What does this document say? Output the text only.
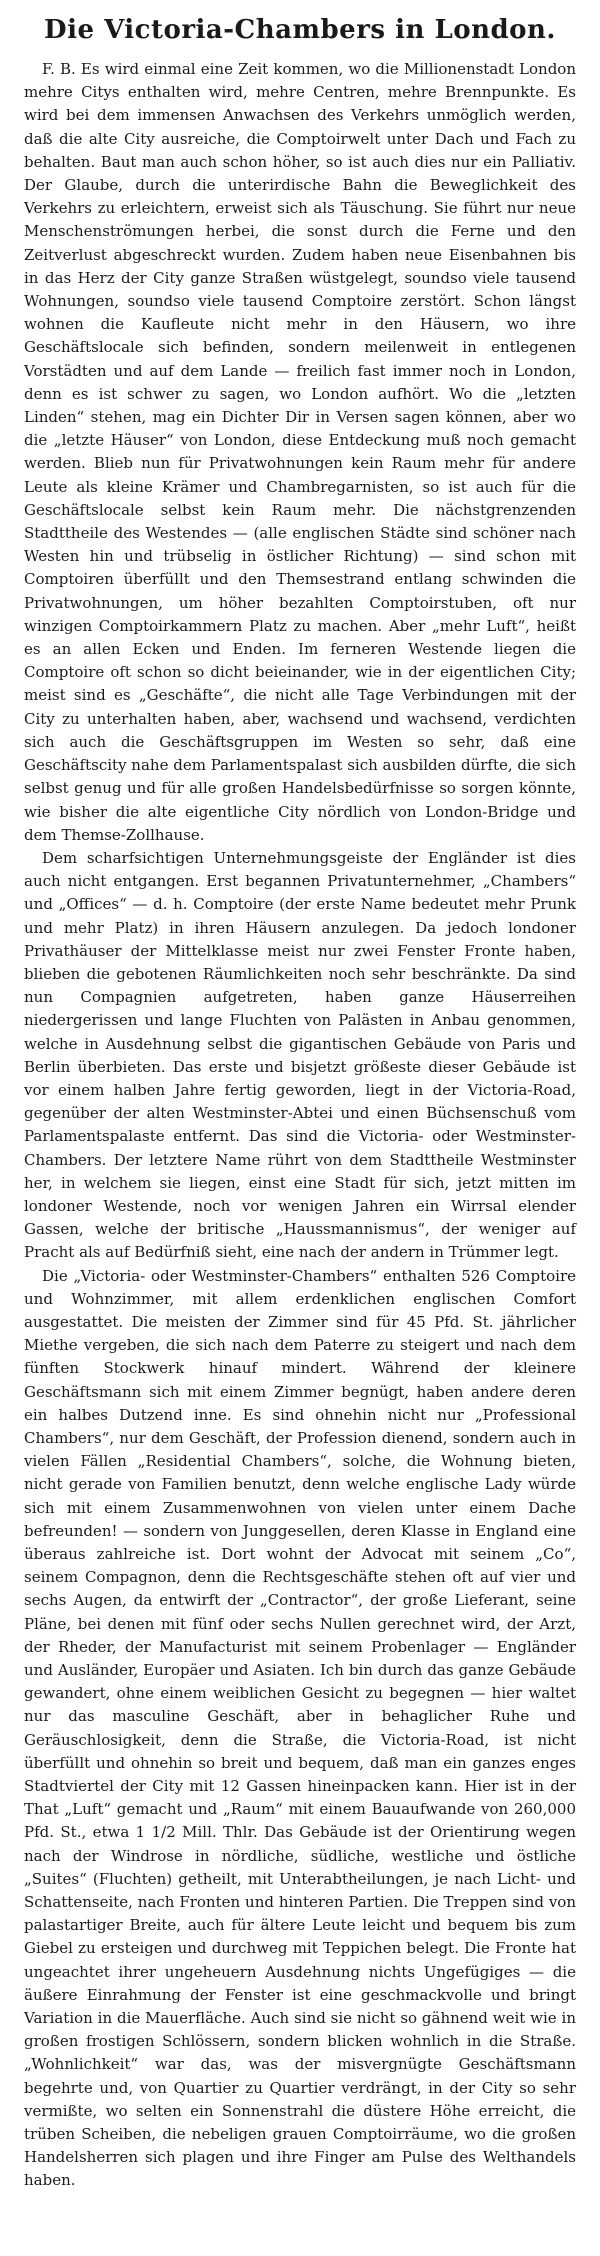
Die Victoria-Chambers in London.

F. B. Es wird einmal eine Zeit kommen, wo die Millionenstadt London mehre Citys enthalten wird, mehre Centren, mehre Brennpunkte. Es wird bei dem immensen Anwachsen des Verkehrs unmöglich werden, daß die alte City ausreiche, die Comptoirwelt unter Dach und Fach zu behalten. Baut man auch schon höher, so ist auch dies nur ein Palliativ. Der Glaube, durch die unterirdische Bahn die Beweglichkeit des Verkehrs zu erleichtern, erweist sich als Täuschung. Sie führt nur neue Menschenströmungen herbei, die sonst durch die Ferne und den Zeitverlust abgeschreckt wurden. Zudem haben neue Eisenbahnen bis in das Herz der City ganze Straßen wüstgelegt, soundso viele tausend Wohnungen, soundso viele tausend Comptoire zerstört. Schon längst wohnen die Kaufleute nicht mehr in den Häusern, wo ihre Geschäftslocale sich befinden, sondern meilenweit in entlegenen Vorstädten und auf dem Lande — freilich fast immer noch in London, denn es ist schwer zu sagen, wo London aufhört. Wo die „letzten Linden“ stehen, mag ein Dichter Dir in Versen sagen können, aber wo die „letzte Häuser“ von London, diese Entdeckung muß noch gemacht werden. Blieb nun für Privatwohnungen kein Raum mehr für andere Leute als kleine Krämer und Chambregarnisten, so ist auch für die Geschäftslocale selbst kein Raum mehr. Die nächstgrenzenden Stadttheile des Westendes — (alle englischen Städte sind schöner nach Westen hin und trübselig in östlicher Richtung) — sind schon mit Comptoiren überfüllt und den Themsestrand entlang schwinden die Privatwohnungen, um höher bezahlten Comptoirstuben, oft nur winzigen Comptoirkammern Platz zu machen. Aber „mehr Luft“, heißt es an allen Ecken und Enden. Im ferneren Westende liegen die Comptoire oft schon so dicht beieinander, wie in der eigentlichen City; meist sind es „Geschäfte“, die nicht alle Tage Verbindungen mit der City zu unterhalten haben, aber, wachsend und wachsend, verdichten sich auch die Geschäftsgruppen im Westen so sehr, daß eine Geschäftscity nahe dem Parlamentspalast sich ausbilden dürfte, die sich selbst genug und für alle großen Handelsbedürfnisse so sorgen könnte, wie bisher die alte eigentliche City nördlich von London-Bridge und dem Themse-Zollhause.

Dem scharfsichtigen Unternehmungsgeiste der Engländer ist dies auch nicht entgangen. Erst begannen Privatunternehmer, „Chambers“ und „Offices“ — d. h. Comptoire (der erste Name bedeutet mehr Prunk und mehr Platz) in ihren Häusern anzulegen. Da jedoch londoner Privathäuser der Mittelklasse meist nur zwei Fenster Fronte haben, blieben die gebotenen Räumlichkeiten noch sehr beschränkte. Da sind nun Compagnien aufgetreten, haben ganze Häuserreihen niedergerissen und lange Fluchten von Palästen in Anbau genommen, welche in Ausdehnung selbst die gigantischen Gebäude von Paris und Berlin überbieten. Das erste und bisjetzt größeste dieser Gebäude ist vor einem halben Jahre fertig geworden, liegt in der Victoria-Road, gegenüber der alten Westminster-Abtei und einen Büchsenschuß vom Parlamentspalaste entfernt. Das sind die Victoria- oder Westminster-Chambers. Der letztere Name rührt von dem Stadttheile Westminster her, in welchem sie liegen, einst eine Stadt für sich, jetzt mitten im londoner Westende, noch vor wenigen Jahren ein Wirrsal elender Gassen, welche der britische „Haussmannismus“, der weniger auf Pracht als auf Bedürfniß sieht, eine nach der andern in Trümmer legt.

Die „Victoria- oder Westminster-Chambers“ enthalten 526 Comptoire und Wohnzimmer, mit allem erdenklichen englischen Comfort ausgestattet. Die meisten der Zimmer sind für 45 Pfd. St. jährlicher Miethe vergeben, die sich nach dem Paterre zu steigert und nach dem fünften Stockwerk hinauf mindert. Während der kleinere Geschäftsmann sich mit einem Zimmer begnügt, haben andere deren ein halbes Dutzend inne. Es sind ohnehin nicht nur „Professional Chambers“, nur dem Geschäft, der Profession dienend, sondern auch in vielen Fällen „Residential Chambers“, solche, die Wohnung bieten, nicht gerade von Familien benutzt, denn welche englische Lady würde sich mit einem Zusammenwohnen von vielen unter einem Dache befreunden! — sondern von Junggesellen, deren Klasse in England eine überaus zahlreiche ist. Dort wohnt der Advocat mit seinem „Co“, seinem Compagnon, denn die Rechtsgeschäfte stehen oft auf vier und sechs Augen, da entwirft der „Contractor“, der große Lieferant, seine Pläne, bei denen mit fünf oder sechs Nullen gerechnet wird, der Arzt, der Rheder, der Manufacturist mit seinem Probenlager — Engländer und Ausländer, Europäer und Asiaten. Ich bin durch das ganze Gebäude gewandert, ohne einem weiblichen Gesicht zu begegnen — hier waltet nur das masculine Geschäft, aber in behaglicher Ruhe und Geräuschlosigkeit, denn die Straße, die Victoria-Road, ist nicht überfüllt und ohnehin so breit und bequem, daß man ein ganzes enges Stadtviertel der City mit 12 Gassen hineinpacken kann. Hier ist in der That „Luft“ gemacht und „Raum“ mit einem Bauaufwande von 260,000 Pfd. St., etwa 1 1/2 Mill. Thlr. Das Gebäude ist der Orientirung wegen nach der Windrose in nördliche, südliche, westliche und östliche „Suites“ (Fluchten) getheilt, mit Unterabtheilungen, je nach Licht- und Schattenseite, nach Fronten und hinteren Partien. Die Treppen sind von palastartiger Breite, auch für ältere Leute leicht und bequem bis zum Giebel zu ersteigen und durchweg mit Teppichen belegt. Die Fronte hat ungeachtet ihrer ungeheuern Ausdehnung nichts Ungefügiges — die äußere Einrahmung der Fenster ist eine geschmackvolle und bringt Variation in die Mauerfläche. Auch sind sie nicht so gähnend weit wie in großen frostigen Schlössern, sondern blicken wohnlich in die Straße. „Wohnlichkeit“ war das, was der misvergnügte Geschäftsmann begehrte und, von Quartier zu Quartier verdrängt, in der City so sehr vermißte, wo selten ein Sonnenstrahl die düstere Höhe erreicht, die trüben Scheiben, die nebeligen grauen Comptoirräume, wo die großen Handelsherren sich plagen und ihre Finger am Pulse des Welthandels haben.
